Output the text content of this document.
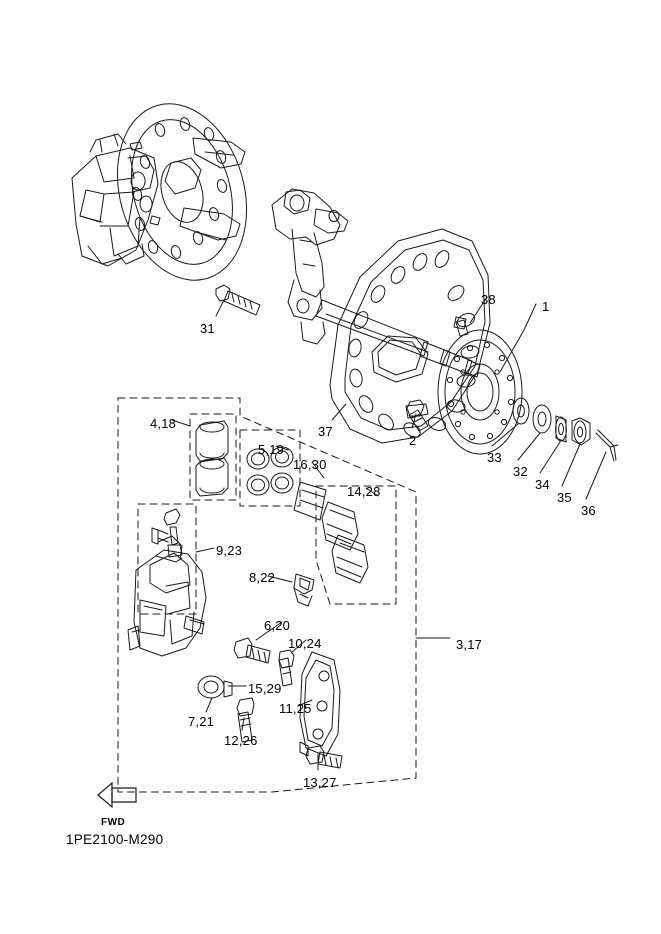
31
38	1
37
2
33
32
34
35
36
4,18
5,19
16,30
14,28
9,23
8,22
6,20
10,24	3,17
15,29
11,25
7,21
12,26
13,27
FWD
1PE2100-M290
